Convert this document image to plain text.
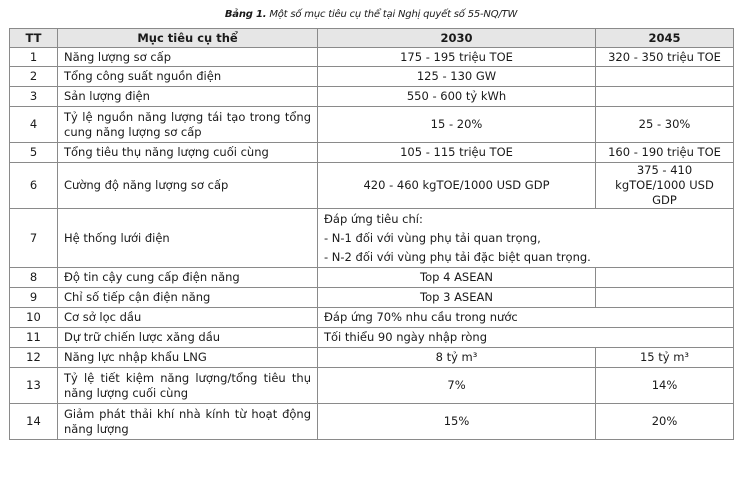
Bảng 1. Một số mục tiêu cụ thể tại Nghị quyết số 55-NQ/TW
TT	Mục tiêu cụ thể	2030	2045
1	Năng lượng sơ cấp	175 - 195 triệu TOE	320 - 350 triệu TOE
2	Tổng công suất nguồn điện	125 - 130 GW	
3	Sản lượng điện	550 - 600 tỷ kWh	
4	Tỷ lệ nguồn năng lượng tái tạo trong tổng cung năng lượng sơ cấp	15 - 20%	25 - 30%
5	Tổng tiêu thụ năng lượng cuối cùng	105 - 115 triệu TOE	160 - 190 triệu TOE
6	Cường độ năng lượng sơ cấp	420 - 460 kgTOE/1000 USD GDP	375 - 410 kgTOE/1000 USD GDP
7	Hệ thống lưới điện	Đáp ứng tiêu chí:
- N-1 đối với vùng phụ tải quan trọng,
- N-2 đối với vùng phụ tải đặc biệt quan trọng.	

8	Độ tin cậy cung cấp điện năng	Top 4 ASEAN	
9	Chỉ số tiếp cận điện năng	Top 3 ASEAN	
10	Cơ sở lọc dầu	Đáp ứng 70% nhu cầu trong nước	
11	Dự trữ chiến lược xăng dầu	Tối thiểu 90 ngày nhập ròng	
12	Năng lực nhập khẩu LNG	8 tỷ m³	15 tỷ m³
13	Tỷ lệ tiết kiệm năng lượng/tổng tiêu thụ năng lượng cuối cùng	7%	14%
14	Giảm phát thải khí nhà kính từ hoạt động năng lượng	15%	20%
